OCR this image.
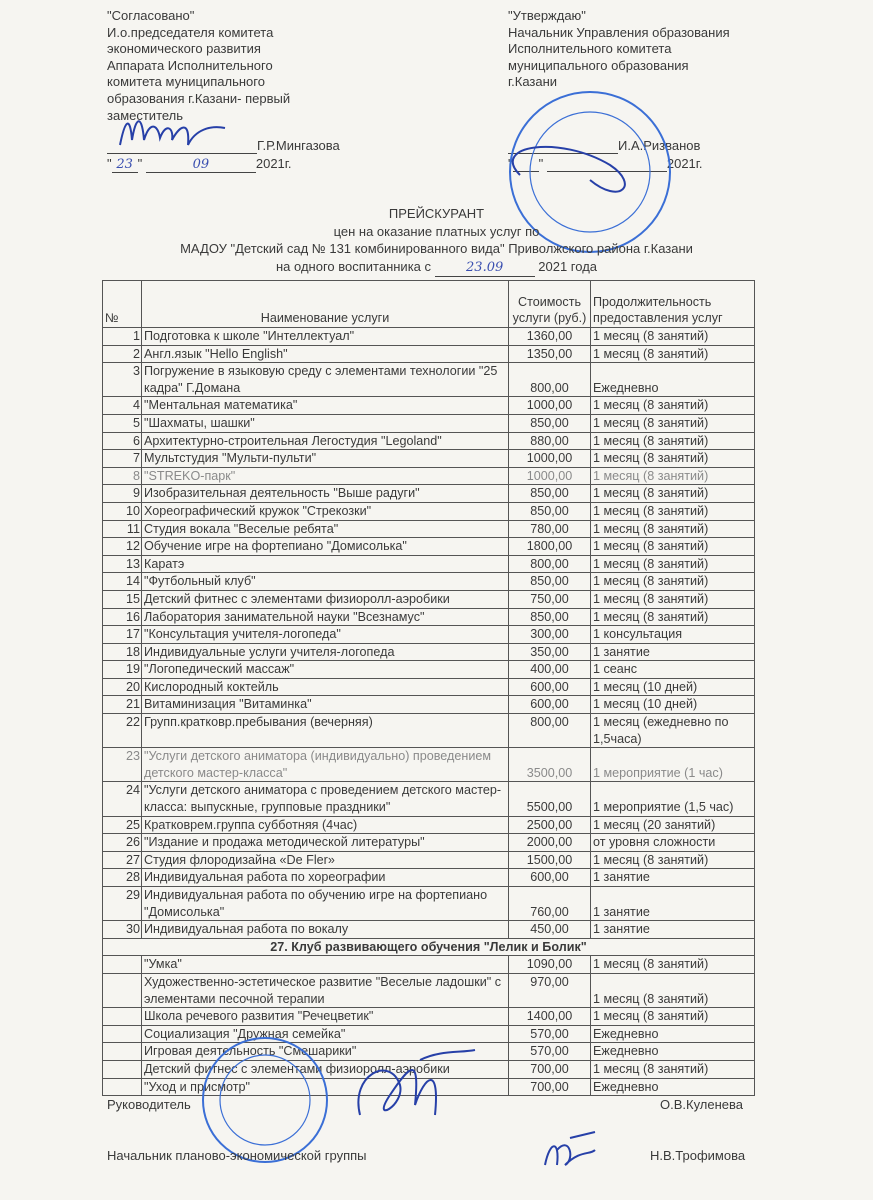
"Согласовано"
И.о.председателя комитета
экономического развития
Аппарата Исполнительного
комитета муниципального
образования г.Казани- первый
заместитель
Г.Р.Мингазова
" 23 "	09	2021г.
"Утверждаю"
Начальник Управления образования
Исполнительного комитета
муниципального образования
г.Казани
И.А.Ризванов
" "	2021г.
ПРЕЙСКУРАНТ
цен на оказание платных услуг по
МАДОУ "Детский сад № 131 комбинированного вида" Приволжского района г.Казани
на одного воспитанника с	23.09	2021 года
№	Наименование услуги	Стоимость услуги (руб.)	Продолжительность предоставления услуг
1	Подготовка к школе "Интеллектуал"	1360,00	1 месяц (8 занятий)
2	Англ.язык "Hello English"	1350,00	1 месяц (8 занятий)
3	Погружение в языковую среду с элементами технологии "25 кадра" Г.Домана	800,00	Ежедневно
4	"Ментальная математика"	1000,00	1 месяц (8 занятий)
5	"Шахматы, шашки"	850,00	1 месяц (8 занятий)
6	Архитектурно-строительная Легостудия "Legoland"	880,00	1 месяц (8 занятий)
7	Мультстудия "Мульти-пульти"	1000,00	1 месяц (8 занятий)
8	"STREKO-парк"	1000,00	1 месяц (8 занятий)
9	Изобразительная деятельность "Выше радуги"	850,00	1 месяц (8 занятий)
10	Хореографический кружок "Стрекозки"	850,00	1 месяц (8 занятий)
11	Студия вокала "Веселые ребята"	780,00	1 месяц (8 занятий)
12	Обучение игре на фортепиано "Домисолька"	1800,00	1 месяц (8 занятий)
13	Каратэ	800,00	1 месяц (8 занятий)
14	"Футбольный клуб"	850,00	1 месяц (8 занятий)
15	Детский фитнес с элементами физиоролл-аэробики	750,00	1 месяц (8 занятий)
16	Лаборатория занимательной науки "Всезнамус"	850,00	1 месяц (8 занятий)
17	"Консультация учителя-логопеда"	300,00	1 консультация
18	Индивидуальные услуги учителя-логопеда	350,00	1 занятие
19	"Логопедический массаж"	400,00	1 сеанс
20	Кислородный коктейль	600,00	1 месяц (10 дней)
21	Витаминизация "Витаминка"	600,00	1 месяц (10 дней)
22	Групп.кратковр.пребывания (вечерняя)	800,00	1 месяц (ежедневно по 1,5часа)
23	"Услуги детского аниматора (индивидуально) проведением детского мастер-класса"	3500,00	1 мероприятие (1 час)
24	"Услуги детского аниматора с проведением детского мастер-класса: выпускные, групповые праздники"	5500,00	1 мероприятие (1,5 час)
25	Кратковрем.группа субботняя (4час)	2500,00	1 месяц (20 занятий)
26	"Издание и продажа методической литературы"	2000,00	от уровня сложности
27	Студия флородизайна «De Fler»	1500,00	1 месяц (8 занятий)
28	Индивидуальная работа по хореографии	600,00	1 занятие
29	Индивидуальная работа по обучению игре на фортепиано "Домисолька"	760,00	1 занятие
30	Индивидуальная работа по вокалу	450,00	1 занятие
27. Клуб развивающего обучения "Лелик и Болик"			
	"Умка"	1090,00	1 месяц (8 занятий)
	Художественно-эстетическое развитие "Веселые ладошки" с элементами песочной терапии	970,00	1 месяц (8 занятий)
	Школа речевого развития "Речецветик"	1400,00	1 месяц (8 занятий)
	Социализация "Дружная семейка"	570,00	Ежедневно
	Игровая деятельность "Смешарики"	570,00	Ежедневно
	Детский фитнес с элементами физиоролл-аэробики	700,00	1 месяц (8 занятий)
	"Уход и присмотр"	700,00	Ежедневно
Руководитель	О.В.Куленева
Начальник планово-экономической группы	Н.В.Трофимова
